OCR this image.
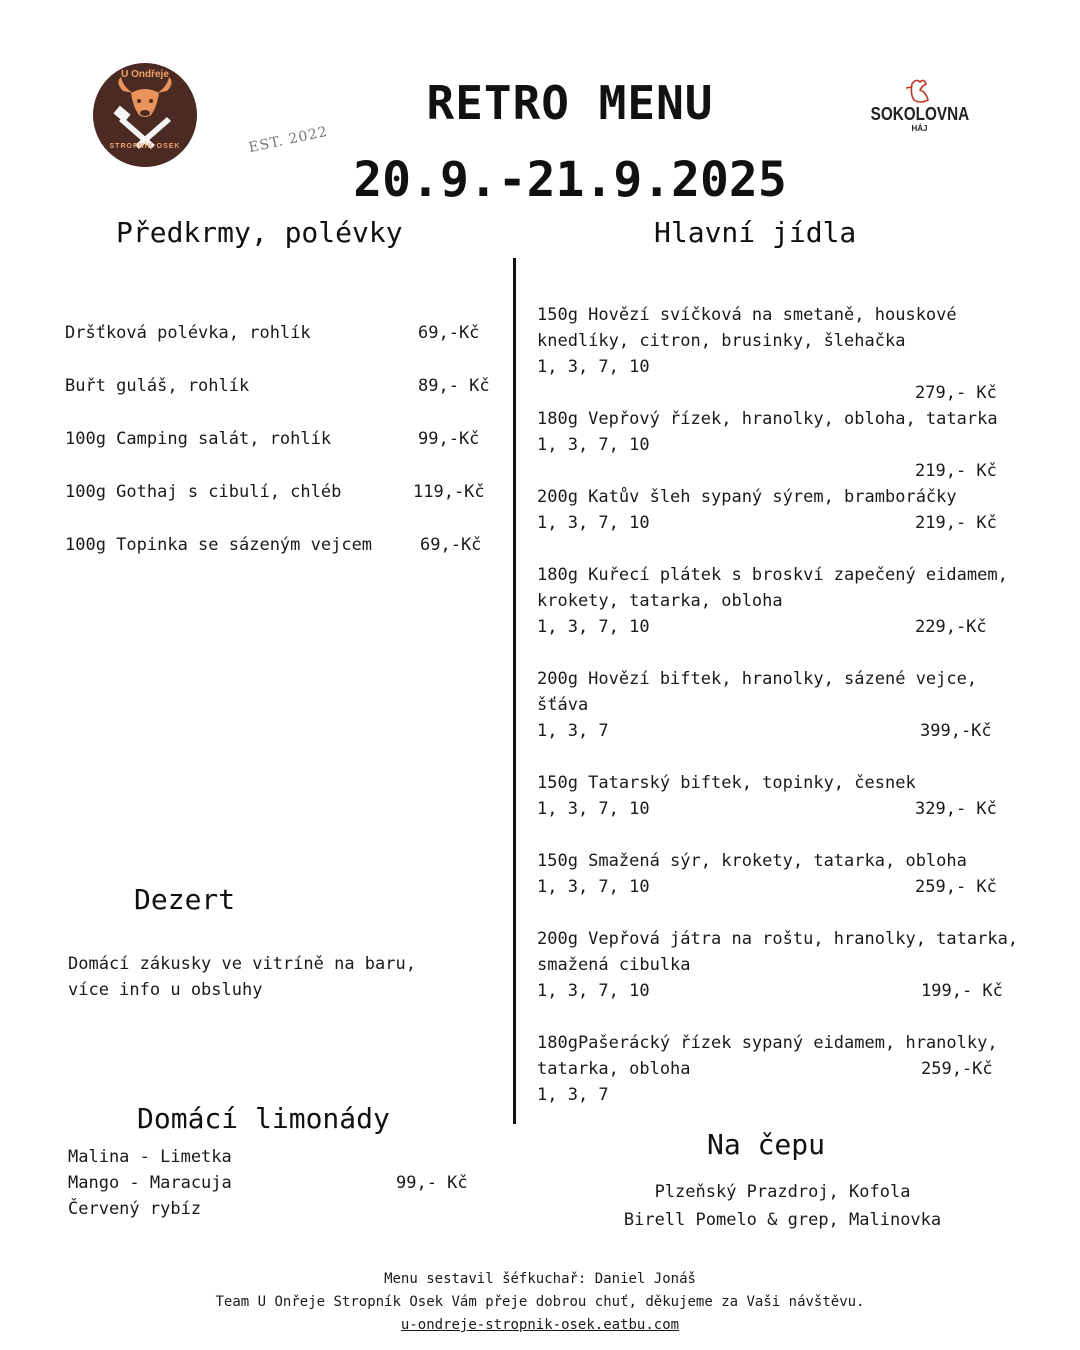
U Ondřeje
STROPNÍK OSEK	EST. 2022
RETRO MENU
20.9.-21.9.2025
SOKOLOVNA
HÁJ
Předkrmy, polévky
Dršťková polévka, rohlík	69,-Kč
Buřt guláš, rohlík	89,- Kč
100g Camping salát, rohlík	99,-Kč
100g Gothaj s cibulí, chléb	119,-Kč
100g Topinka se sázeným vejcem	69,-Kč
Dezert
Domácí zákusky ve vitríně na baru,
více info u obsluhy
Domácí limonády
Malina - Limetka
Mango - Maracuja
Červený rybíz
99,- Kč
Hlavní jídla
150g Hovězí svíčková na smetaně, houskové
knedlíky, citron, brusinky, šlehačka
1, 3, 7, 10
279,- Kč
180g Vepřový řízek, hranolky, obloha, tatarka
1, 3, 7, 10
219,- Kč
200g Katův šleh sypaný sýrem, bramboráčky
1, 3, 7, 10	219,- Kč
180g Kuřecí plátek s broskví zapečený eidamem,
krokety, tatarka, obloha
1, 3, 7, 10	229,-Kč
200g Hovězí biftek, hranolky, sázené vejce,
šťáva
1, 3, 7	399,-Kč
150g Tatarský biftek, topinky, česnek
1, 3, 7, 10	329,- Kč
150g Smažená sýr, krokety, tatarka, obloha
1, 3, 7, 10	259,- Kč
200g Vepřová játra na roštu, hranolky, tatarka,
smažená cibulka
1, 3, 7, 10	199,- Kč
180gPašerácký řízek sypaný eidamem, hranolky,
tatarka, obloha
1, 3, 7
259,-Kč
Na čepu
Plzeňský Prazdroj, Kofola
Birell Pomelo & grep, Malinovka
Menu sestavil šéfkuchař: Daniel Jonáš
Team U Onřeje Stropník Osek Vám přeje dobrou chuť, děkujeme za Vaši návštěvu.
u-ondreje-stropnik-osek.eatbu.com
